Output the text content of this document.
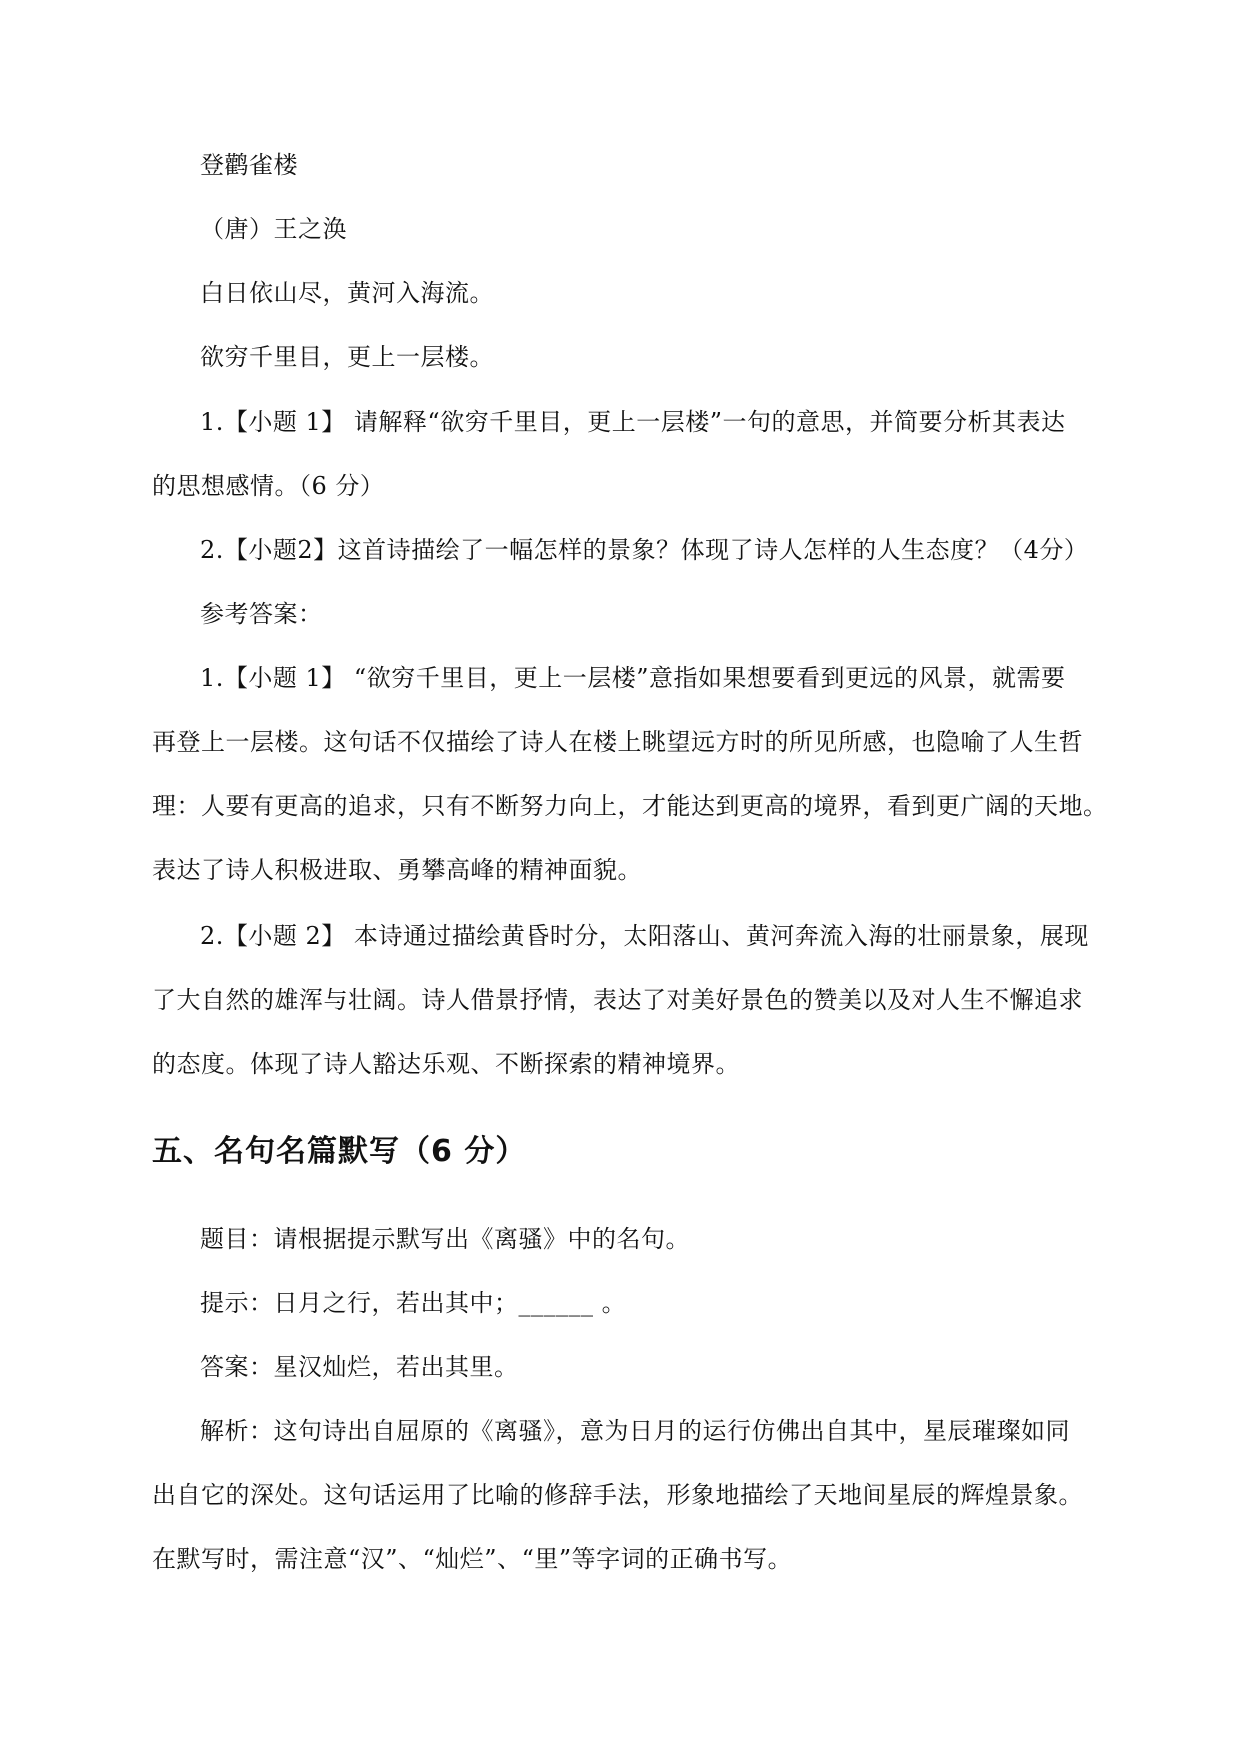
登鹳雀楼
（唐）王之涣
白日依山尽，黄河入海流。
欲穷千里目，更上一层楼。
1.【小题 1】 请解释“欲穷千里目，更上一层楼”一句的意思，并简要分析其表达
的思想感情。（6 分）
2.【小题2】这首诗描绘了一幅怎样的景象？体现了诗人怎样的人生态度？（4分）
参考答案：
1.【小题 1】 “欲穷千里目，更上一层楼”意指如果想要看到更远的风景，就需要
再登上一层楼。这句话不仅描绘了诗人在楼上眺望远方时的所见所感，也隐喻了人生哲
理：人要有更高的追求，只有不断努力向上，才能达到更高的境界，看到更广阔的天地。
表达了诗人积极进取、勇攀高峰的精神面貌。
2.【小题 2】 本诗通过描绘黄昏时分，太阳落山、黄河奔流入海的壮丽景象，展现
了大自然的雄浑与壮阔。诗人借景抒情，表达了对美好景色的赞美以及对人生不懈追求
的态度。体现了诗人豁达乐观、不断探索的精神境界。
五、名句名篇默写（6 分）
题目：请根据提示默写出《离骚》中的名句。
提示：日月之行，若出其中；______ 。
答案：星汉灿烂，若出其里。
解析：这句诗出自屈原的《离骚》，意为日月的运行仿佛出自其中，星辰璀璨如同
出自它的深处。这句话运用了比喻的修辞手法，形象地描绘了天地间星辰的辉煌景象。
在默写时，需注意“汉”、“灿烂”、“里”等字词的正确书写。
